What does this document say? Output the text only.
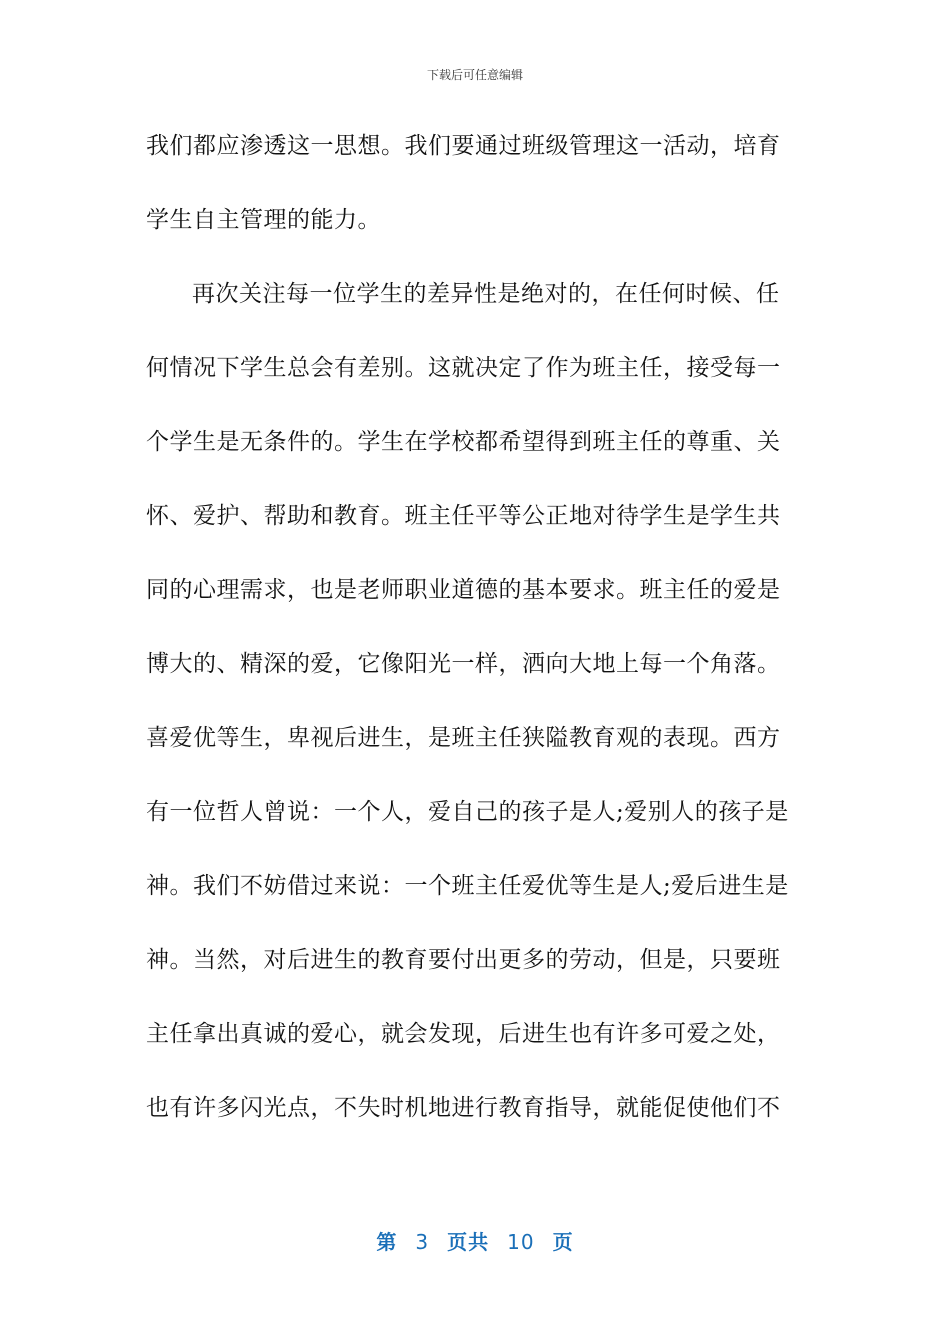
下载后可任意编辑
我们都应渗透这一思想。我们要通过班级管理这一活动，培育
学生自主管理的能力。
再次关注每一位学生的差异性是绝对的，在任何时候、任
何情况下学生总会有差别。这就决定了作为班主任，接受每一
个学生是无条件的。学生在学校都希望得到班主任的尊重、关
怀、爱护、帮助和教育。班主任平等公正地对待学生是学生共
同的心理需求，也是老师职业道德的基本要求。班主任的爱是
博大的、精深的爱，它像阳光一样，洒向大地上每一个角落。
喜爱优等生，卑视后进生，是班主任狭隘教育观的表现。西方
有一位哲人曾说：一个人，爱自己的孩子是人;爱别人的孩子是
神。我们不妨借过来说：一个班主任爱优等生是人;爱后进生是
神。当然，对后进生的教育要付出更多的劳动，但是，只要班
主任拿出真诚的爱心，就会发现，后进生也有许多可爱之处，
也有许多闪光点，不失时机地进行教育指导，就能促使他们不
第 3 页共 10 页
